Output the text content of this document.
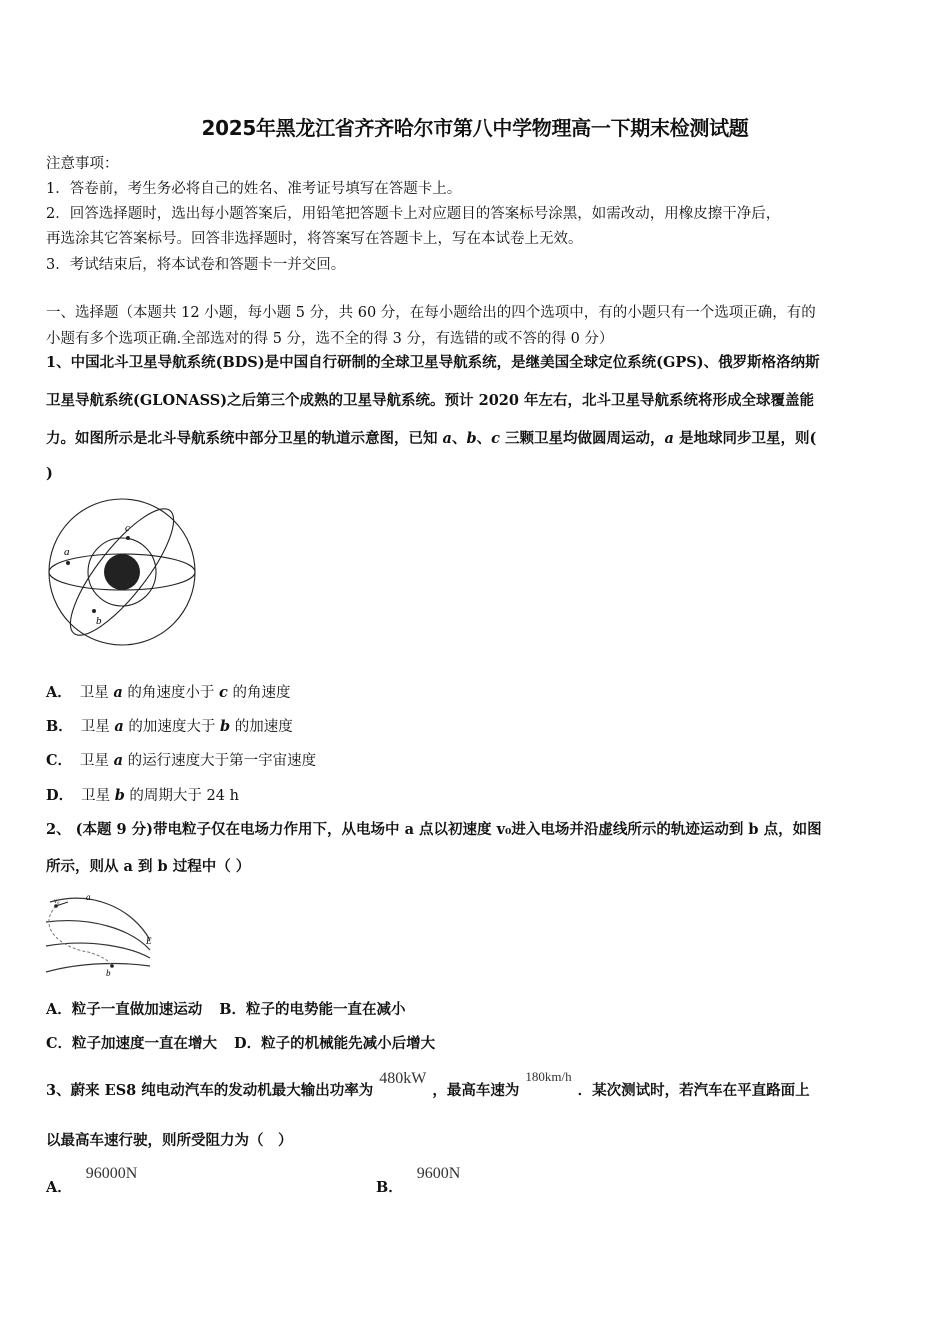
2025年黑龙江省齐齐哈尔市第八中学物理高一下期末检测试题
注意事项：
1．答卷前，考生务必将自己的姓名、准考证号填写在答题卡上。
2．回答选择题时，选出每小题答案后，用铅笔把答题卡上对应题目的答案标号涂黑，如需改动，用橡皮擦干净后，
再选涂其它答案标号。回答非选择题时，将答案写在答题卡上，写在本试卷上无效。
3．考试结束后，将本试卷和答题卡一并交回。
一、选择题（本题共 12 小题，每小题 5 分，共 60 分，在每小题给出的四个选项中，有的小题只有一个选项正确，有的
小题有多个选项正确.全部选对的得 5 分，选不全的得 3 分，有选错的或不答的得 0 分）
1、中国北斗卫星导航系统(BDS)是中国自行研制的全球卫星导航系统，是继美国全球定位系统(GPS)、俄罗斯格洛纳斯
卫星导航系统(GLONASS)之后第三个成熟的卫星导航系统。预计 2020 年左右，北斗卫星导航系统将形成全球覆盖能
力。如图所示是北斗导航系统中部分卫星的轨道示意图，已知 a、b、c 三颗卫星均做圆周运动，a 是地球同步卫星，则(
)
a
c
b
A． 卫星 a 的角速度小于 c 的角速度
B． 卫星 a 的加速度大于 b 的加速度
C． 卫星 a 的运行速度大于第一宇宙速度
D． 卫星 b 的周期大于 24 h
2、 (本题 9 分)带电粒子仅在电场力作用下，从电场中 a 点以初速度 v₀进入电场并沿虚线所示的轨迹运动到 b 点，如图
所示，则从 a 到 b 过程中（ ）
a
v₀
E
b
A．粒子一直做加速运动 B．粒子的电势能一直在减小
C．粒子加速度一直在增大 D．粒子的机械能先减小后增大
3、蔚来 ES8 纯电动汽车的发动机最大输出功率为480kW，最高车速为180km/h．某次测试时，若汽车在平直路面上
以最高车速行驶，则所受阻力为（　）
A．96000N
B．9600N
